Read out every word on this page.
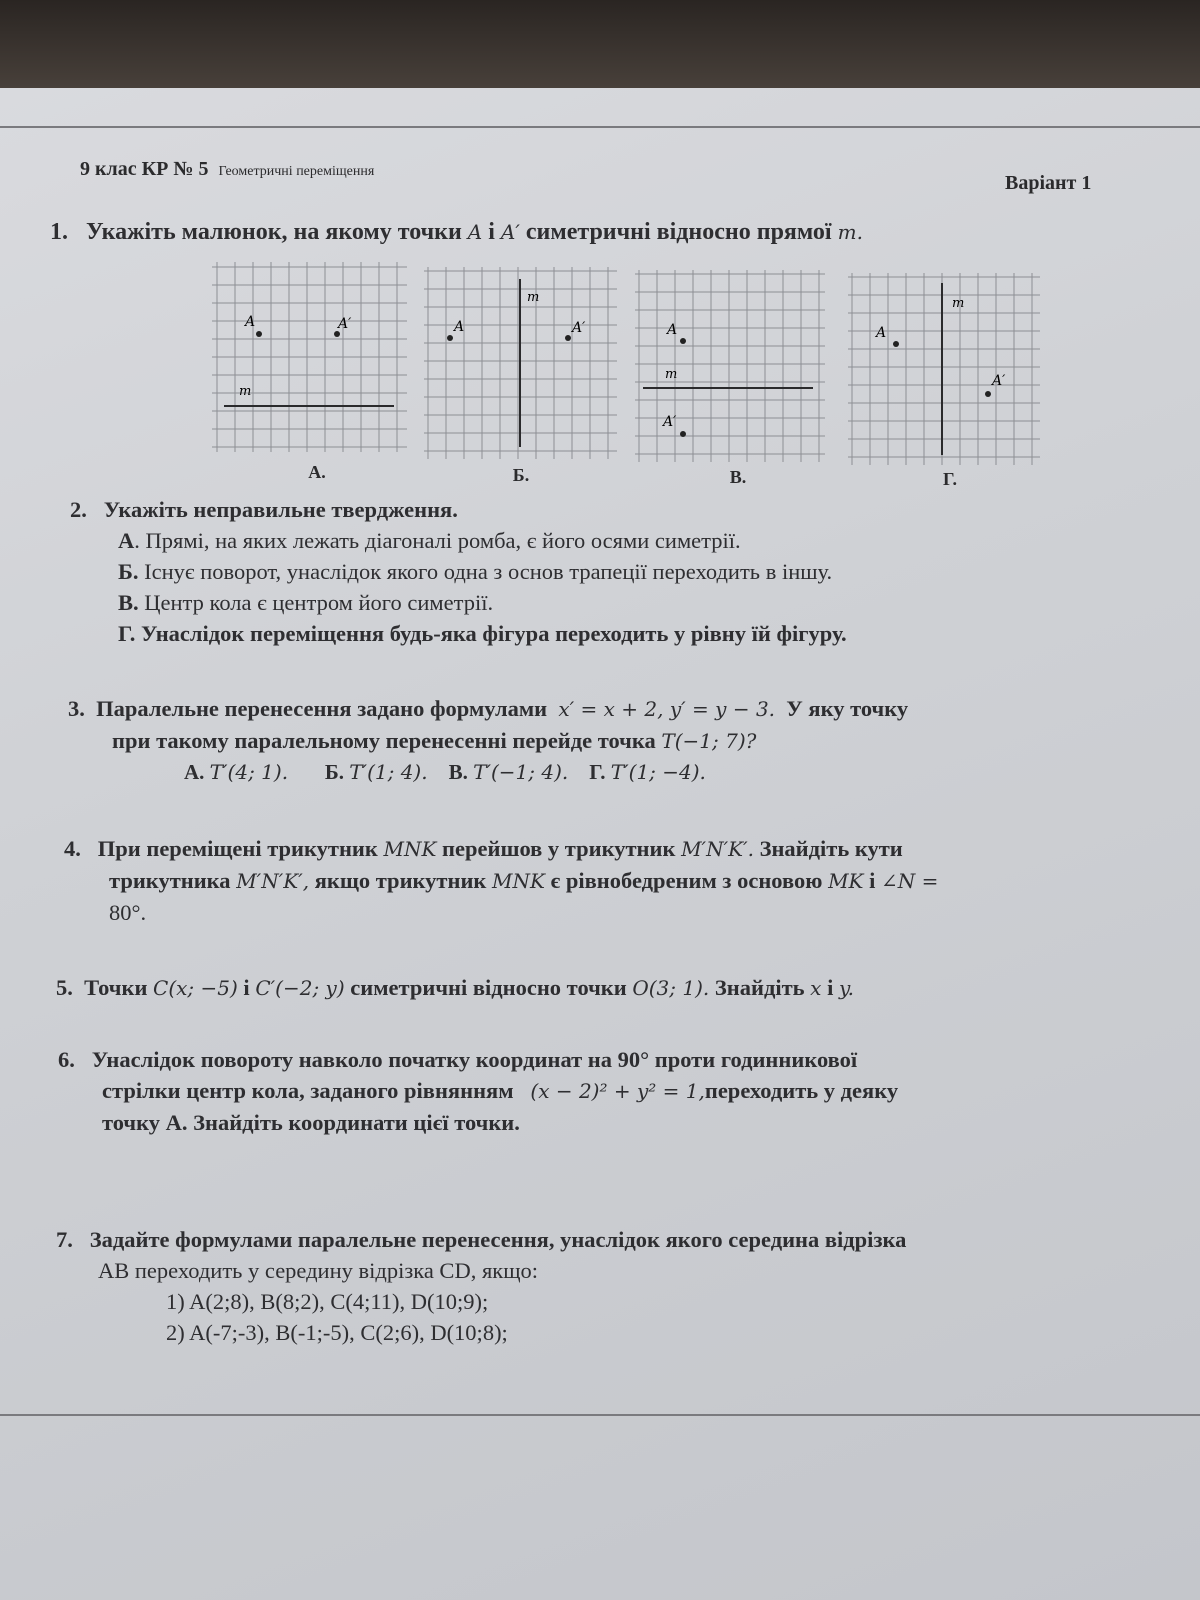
9 клас КР № 5 Геометричні переміщення
Варіант 1
1. Укажіть малюнок, на якому точки A і A′ симетричні відносно прямої m.
A	A′
m
А.
A	A′
m
Б.
A
A′
m
В.
A
A′
m
Г.
2. Укажіть неправильне твердження.
А. Прямі, на яких лежать діагоналі ромба, є його осями симетрії.
Б. Існує поворот, унаслідок якого одна з основ трапеції переходить в іншу.
В. Центр кола є центром його симетрії.
Г. Унаслідок переміщення будь-яка фігура переходить у рівну їй фігуру.
3. Паралельне перенесення задано формулами x′ = x + 2, y′ = y − 3. У яку точку
при такому паралельному перенесенні перейде точка T(−1; 7)?
А. T′(4; 1). Б. T′(1; 4). В. T′(−1; 4). Г. T′(1; −4).
4. При переміщені трикутник MNK перейшов у трикутник M′N′K′. Знайдіть кути
трикутника M′N′K′, якщо трикутник MNK є рівнобедреним з основою MK і ∠N =
80°.
5. Точки C(x; −5) і C′(−2; y) симетричні відносно точки O(3; 1). Знайдіть x і y.
6. Унаслідок повороту навколо початку координат на 90° проти годинникової
стрілки центр кола, заданого рівнянням (x − 2)² + y² = 1,переходить у деяку
точку А. Знайдіть координати цієї точки.
7. Задайте формулами паралельне перенесення, унаслідок якого середина відрізка
АВ переходить у середину відрізка CD, якщо:
1) A(2;8), B(8;2), C(4;11), D(10;9);
2) A(-7;-3), B(-1;-5), C(2;6), D(10;8);
